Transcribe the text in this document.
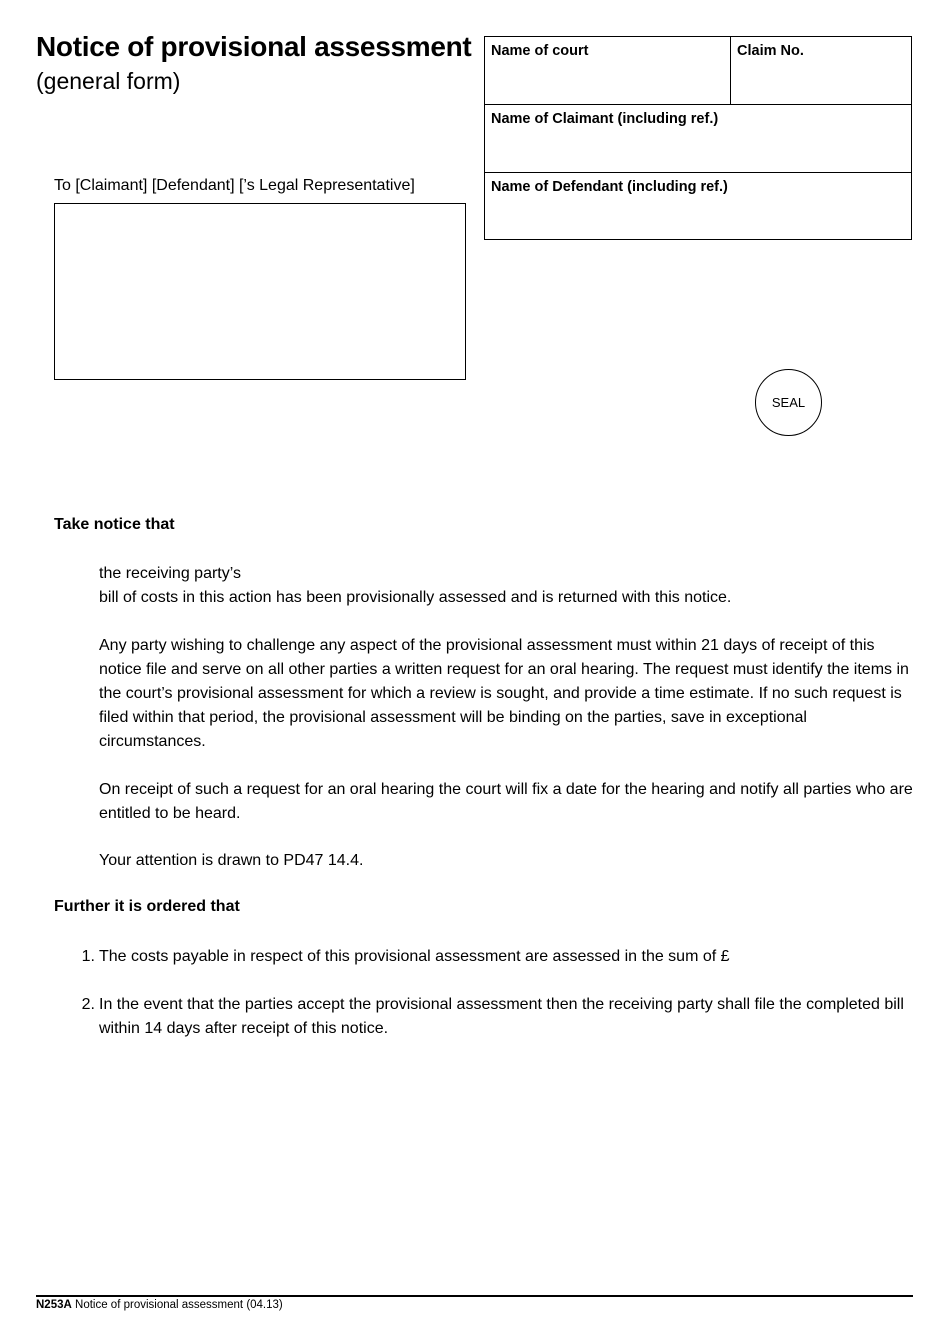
Notice of provisional assessment
(general form)
Name of court	Claim No.
Name of Claimant (including ref.)
Name of Defendant (including ref.)
To [Claimant] [Defendant] [’s Legal Representative]
SEAL
Take notice that

the receiving party’s

bill of costs in this action has been provisionally assessed and is returned with this notice.

Any party wishing to challenge any aspect of the provisional assessment must within 21 days of receipt of this notice file and serve on all other parties a written request for an oral hearing. The request must identify the items in the court’s provisional assessment for which a review is sought, and provide a time estimate. If no such request is filed within that period, the provisional assessment will be binding on the parties, save in exceptional circumstances.

On receipt of such a request for an oral hearing the court will fix a date for the hearing and notify all parties who are entitled to be heard.

Your attention is drawn to PD47 14.4.

Further it is ordered that
1. The costs payable in respect of this provisional assessment are assessed in the sum of £

2. In the event that the parties accept the provisional assessment then the receiving party shall file the completed bill within 14 days after receipt of this notice.

N253A Notice of provisional assessment (04.13)
